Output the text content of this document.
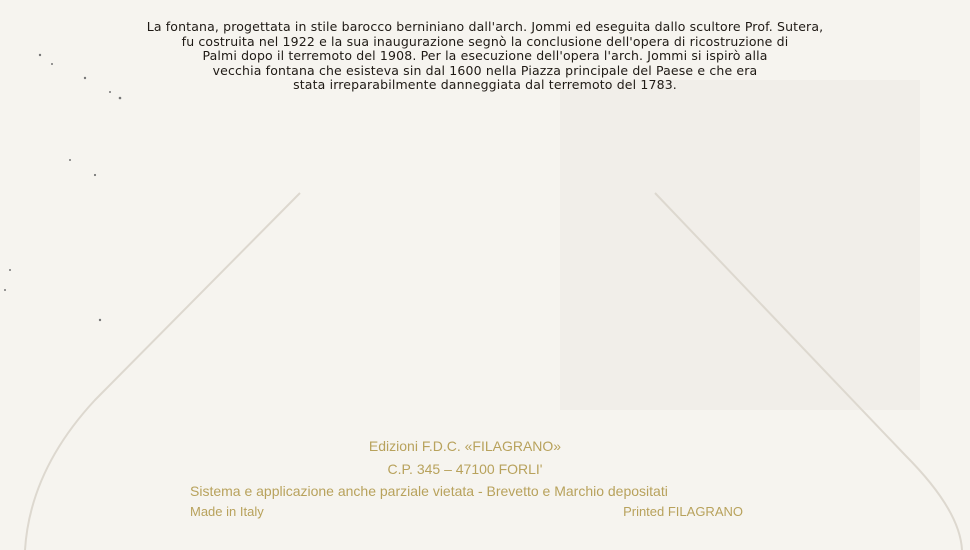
La fontana, progettata in stile barocco berniniano dall'arch. Jommi ed eseguita dallo scultore Prof. Sutera,
fu costruita nel 1922 e la sua inaugurazione segnò la conclusione dell'opera di ricostruzione di
Palmi dopo il terremoto del 1908. Per la esecuzione dell'opera l'arch. Jommi si ispirò alla
vecchia fontana che esisteva sin dal 1600 nella Piazza principale del Paese e che era
stata irreparabilmente danneggiata dal terremoto del 1783.
Edizioni F.D.C. «FILAGRANO»
C.P. 345 – 47100 FORLI'
Sistema e applicazione anche parziale vietata - Brevetto e Marchio depositati
Made in Italy	Printed FILAGRANO
